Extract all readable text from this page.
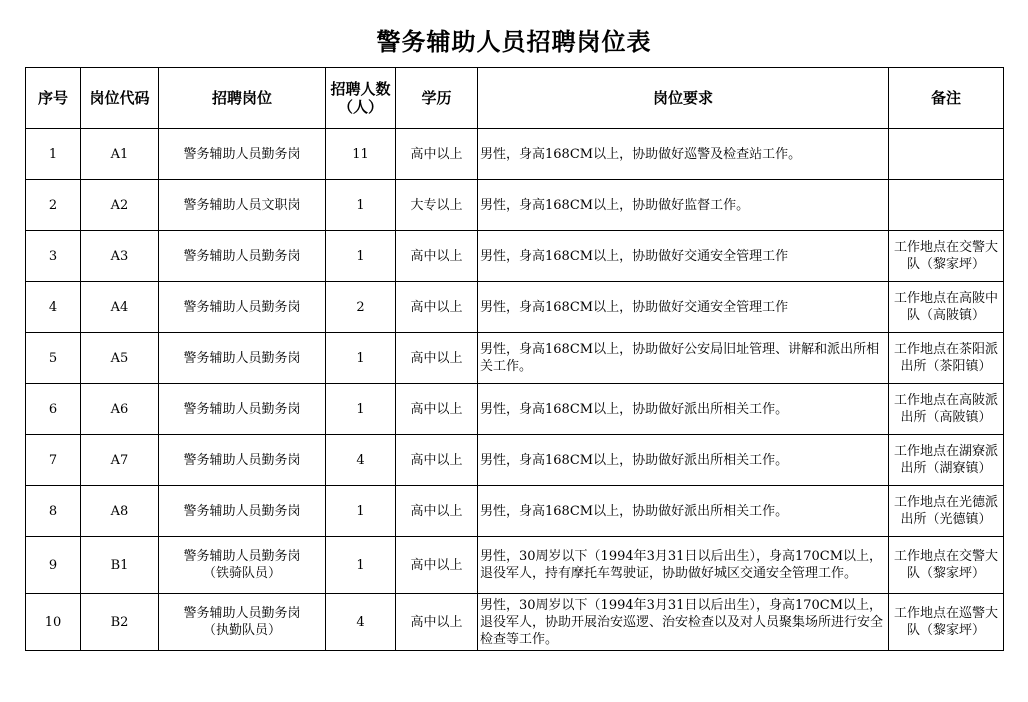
警务辅助人员招聘岗位表
序号	岗位代码	招聘岗位	招聘人数（人）	学历	岗位要求	备注
1	A1	警务辅助人员勤务岗	11	高中以上	男性，身高168CM以上，协助做好巡警及检查站工作。	
2	A2	警务辅助人员文职岗	1	大专以上	男性，身高168CM以上，协助做好监督工作。	
3	A3	警务辅助人员勤务岗	1	高中以上	男性，身高168CM以上，协助做好交通安全管理工作	工作地点在交警大队（黎家坪）
4	A4	警务辅助人员勤务岗	2	高中以上	男性，身高168CM以上，协助做好交通安全管理工作	工作地点在高陂中队（高陂镇）
5	A5	警务辅助人员勤务岗	1	高中以上	男性，身高168CM以上，协助做好公安局旧址管理、讲解和派出所相关工作。	工作地点在茶阳派出所（茶阳镇）
6	A6	警务辅助人员勤务岗	1	高中以上	男性，身高168CM以上，协助做好派出所相关工作。	工作地点在高陂派出所（高陂镇）
7	A7	警务辅助人员勤务岗	4	高中以上	男性，身高168CM以上，协助做好派出所相关工作。	工作地点在湖寮派出所（湖寮镇）
8	A8	警务辅助人员勤务岗	1	高中以上	男性，身高168CM以上，协助做好派出所相关工作。	工作地点在光德派出所（光德镇）
9	B1	警务辅助人员勤务岗
（铁骑队员）	1	高中以上	男性，30周岁以下（1994年3月31日以后出生），身高170CM以上，退役军人，持有摩托车驾驶证，协助做好城区交通安全管理工作。	工作地点在交警大队（黎家坪）
10	B2	警务辅助人员勤务岗
（执勤队员）	4	高中以上	男性，30周岁以下（1994年3月31日以后出生），身高170CM以上，退役军人，协助开展治安巡逻、治安检查以及对人员聚集场所进行安全检查等工作。	工作地点在巡警大队（黎家坪）
